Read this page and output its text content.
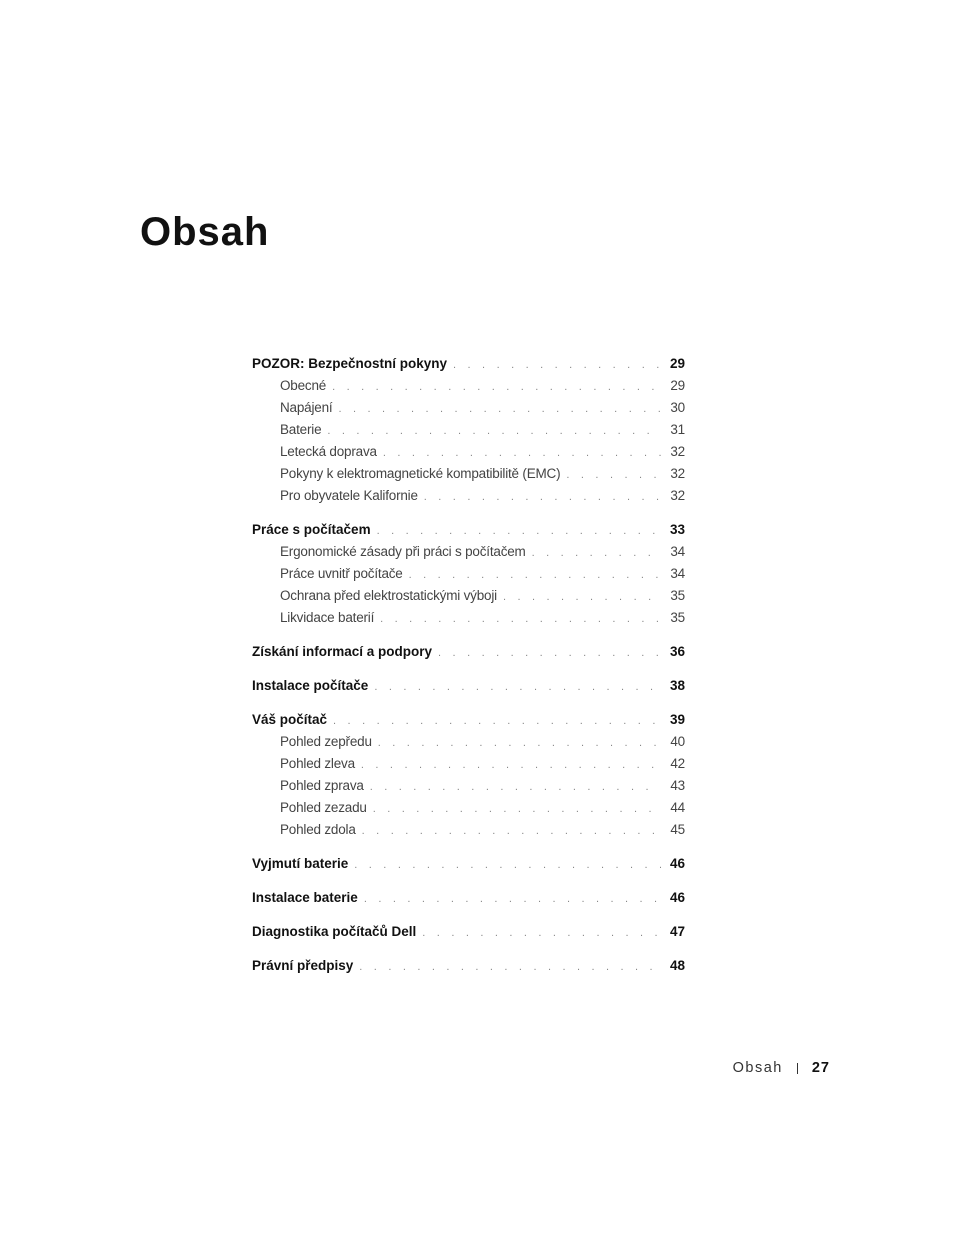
Obsah
POZOR: Bezpečnostní pokyny . . .	29
Obecné . . .	29
Napájení . . .	30
Baterie . . .	31
Letecká doprava . . .	32
Pokyny k elektromagnetické kompatibilitě (EMC) . . .	32
Pro obyvatele Kalifornie . . .	32
Práce s počítačem . . .	33
Ergonomické zásady při práci s počítačem . . .	34
Práce uvnitř počítače . . .	34
Ochrana před elektrostatickými výboji . . .	35
Likvidace baterií . . .	35
Získání informací a podpory . . .	36
Instalace počítače . . .	38
Váš počítač . . .	39
Pohled zepředu . . .	40
Pohled zleva . . .	42
Pohled zprava . . .	43
Pohled zezadu . . .	44
Pohled zdola . . .	45
Vyjmutí baterie . . .	46
Instalace baterie . . .	46
Diagnostika počítačů Dell . . .	47
Právní předpisy . . .	48
Obsah 27
